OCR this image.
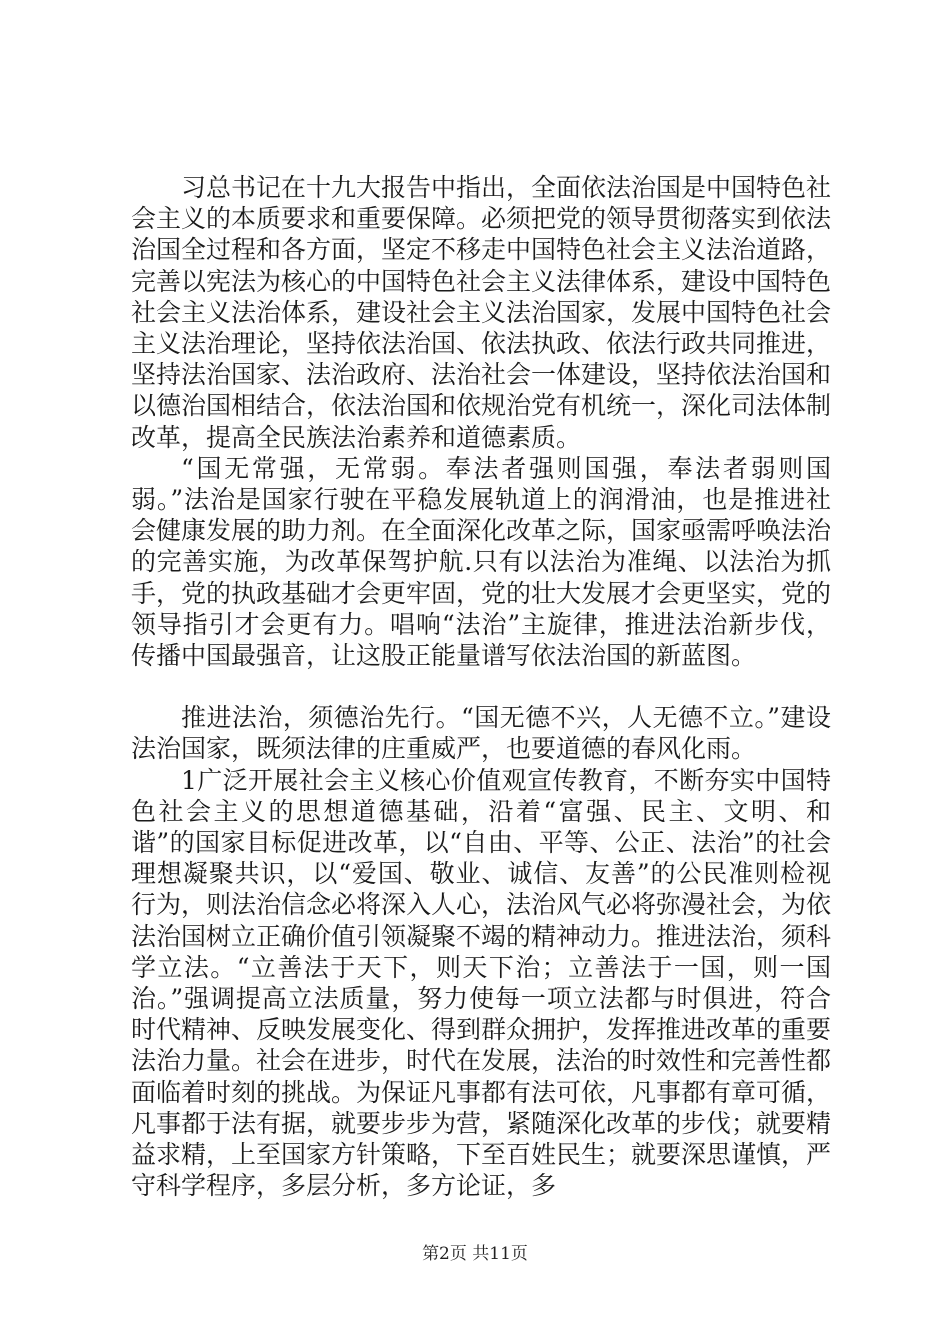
习总书记在十九大报告中指出，全面依法治国是中国特色社会主义的本质要求和重要保障。必须把党的领导贯彻落实到依法治国全过程和各方面，坚定不移走中国特色社会主义法治道路，完善以宪法为核心的中国特色社会主义法律体系，建设中国特色社会主义法治体系，建设社会主义法治国家，发展中国特色社会主义法治理论，坚持依法治国、依法执政、依法行政共同推进，坚持法治国家、法治政府、法治社会一体建设，坚持依法治国和以德治国相结合，依法治国和依规治党有机统一，深化司法体制改革，提高全民族法治素养和道德素质。

“国无常强，无常弱。奉法者强则国强，奉法者弱则国弱。”法治是国家行驶在平稳发展轨道上的润滑油，也是推进社会健康发展的助力剂。在全面深化改革之际，国家亟需呼唤法治的完善实施，为改革保驾护航.只有以法治为准绳、以法治为抓手，党的执政基础才会更牢固，党的壮大发展才会更坚实，党的领导指引才会更有力。唱响“法治”主旋律，推进法治新步伐，传播中国最强音，让这股正能量谱写依法治国的新蓝图。

推进法治，须德治先行。“国无德不兴，人无德不立。”建设法治国家，既须法律的庄重威严，也要道德的春风化雨。

1广泛开展社会主义核心价值观宣传教育，不断夯实中国特色社会主义的思想道德基础，沿着“富强、民主、文明、和谐”的国家目标促进改革，以“自由、平等、公正、法治”的社会理想凝聚共识，以“爱国、敬业、诚信、友善”的公民准则检视行为，则法治信念必将深入人心，法治风气必将弥漫社会，为依法治国树立正确价值引领凝聚不竭的精神动力。推进法治，须科学立法。“立善法于天下，则天下治；立善法于一国，则一国治。”强调提高立法质量，努力使每一项立法都与时俱进，符合时代精神、反映发展变化、得到群众拥护，发挥推进改革的重要法治力量。社会在进步，时代在发展，法治的时效性和完善性都面临着时刻的挑战。为保证凡事都有法可依，凡事都有章可循，凡事都于法有据，就要步步为营，紧随深化改革的步伐；就要精益求精，上至国家方针策略，下至百姓民生；就要深思谨慎，严守科学程序，多层分析，多方论证，多

第2页 共11页
